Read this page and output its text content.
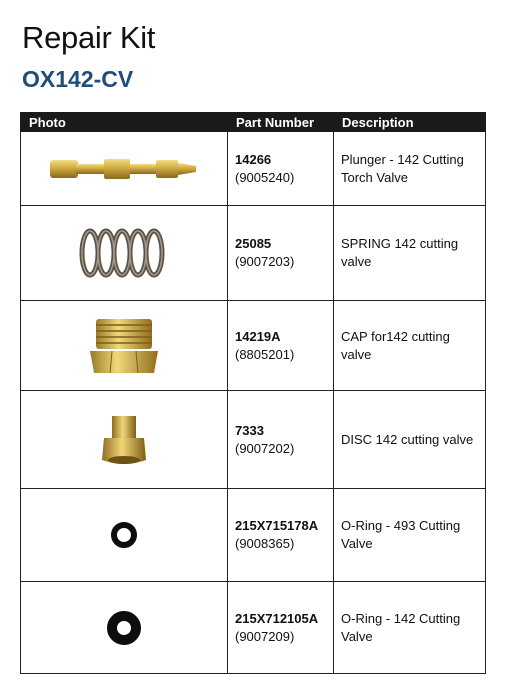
Repair Kit
OX142-CV
Photo	Part Number	Description

14266
(9005240)	Plunger - 142 Cutting Torch Valve

25085
(9007203)	SPRING 142 cutting valve

14219A
(8805201)	CAP for142 cutting valve

7333
(9007202)	DISC 142 cutting valve

215X715178A
(9008365)	O-Ring - 493 Cutting Valve

215X712105A
(9007209)	O-Ring - 142 Cutting Valve
